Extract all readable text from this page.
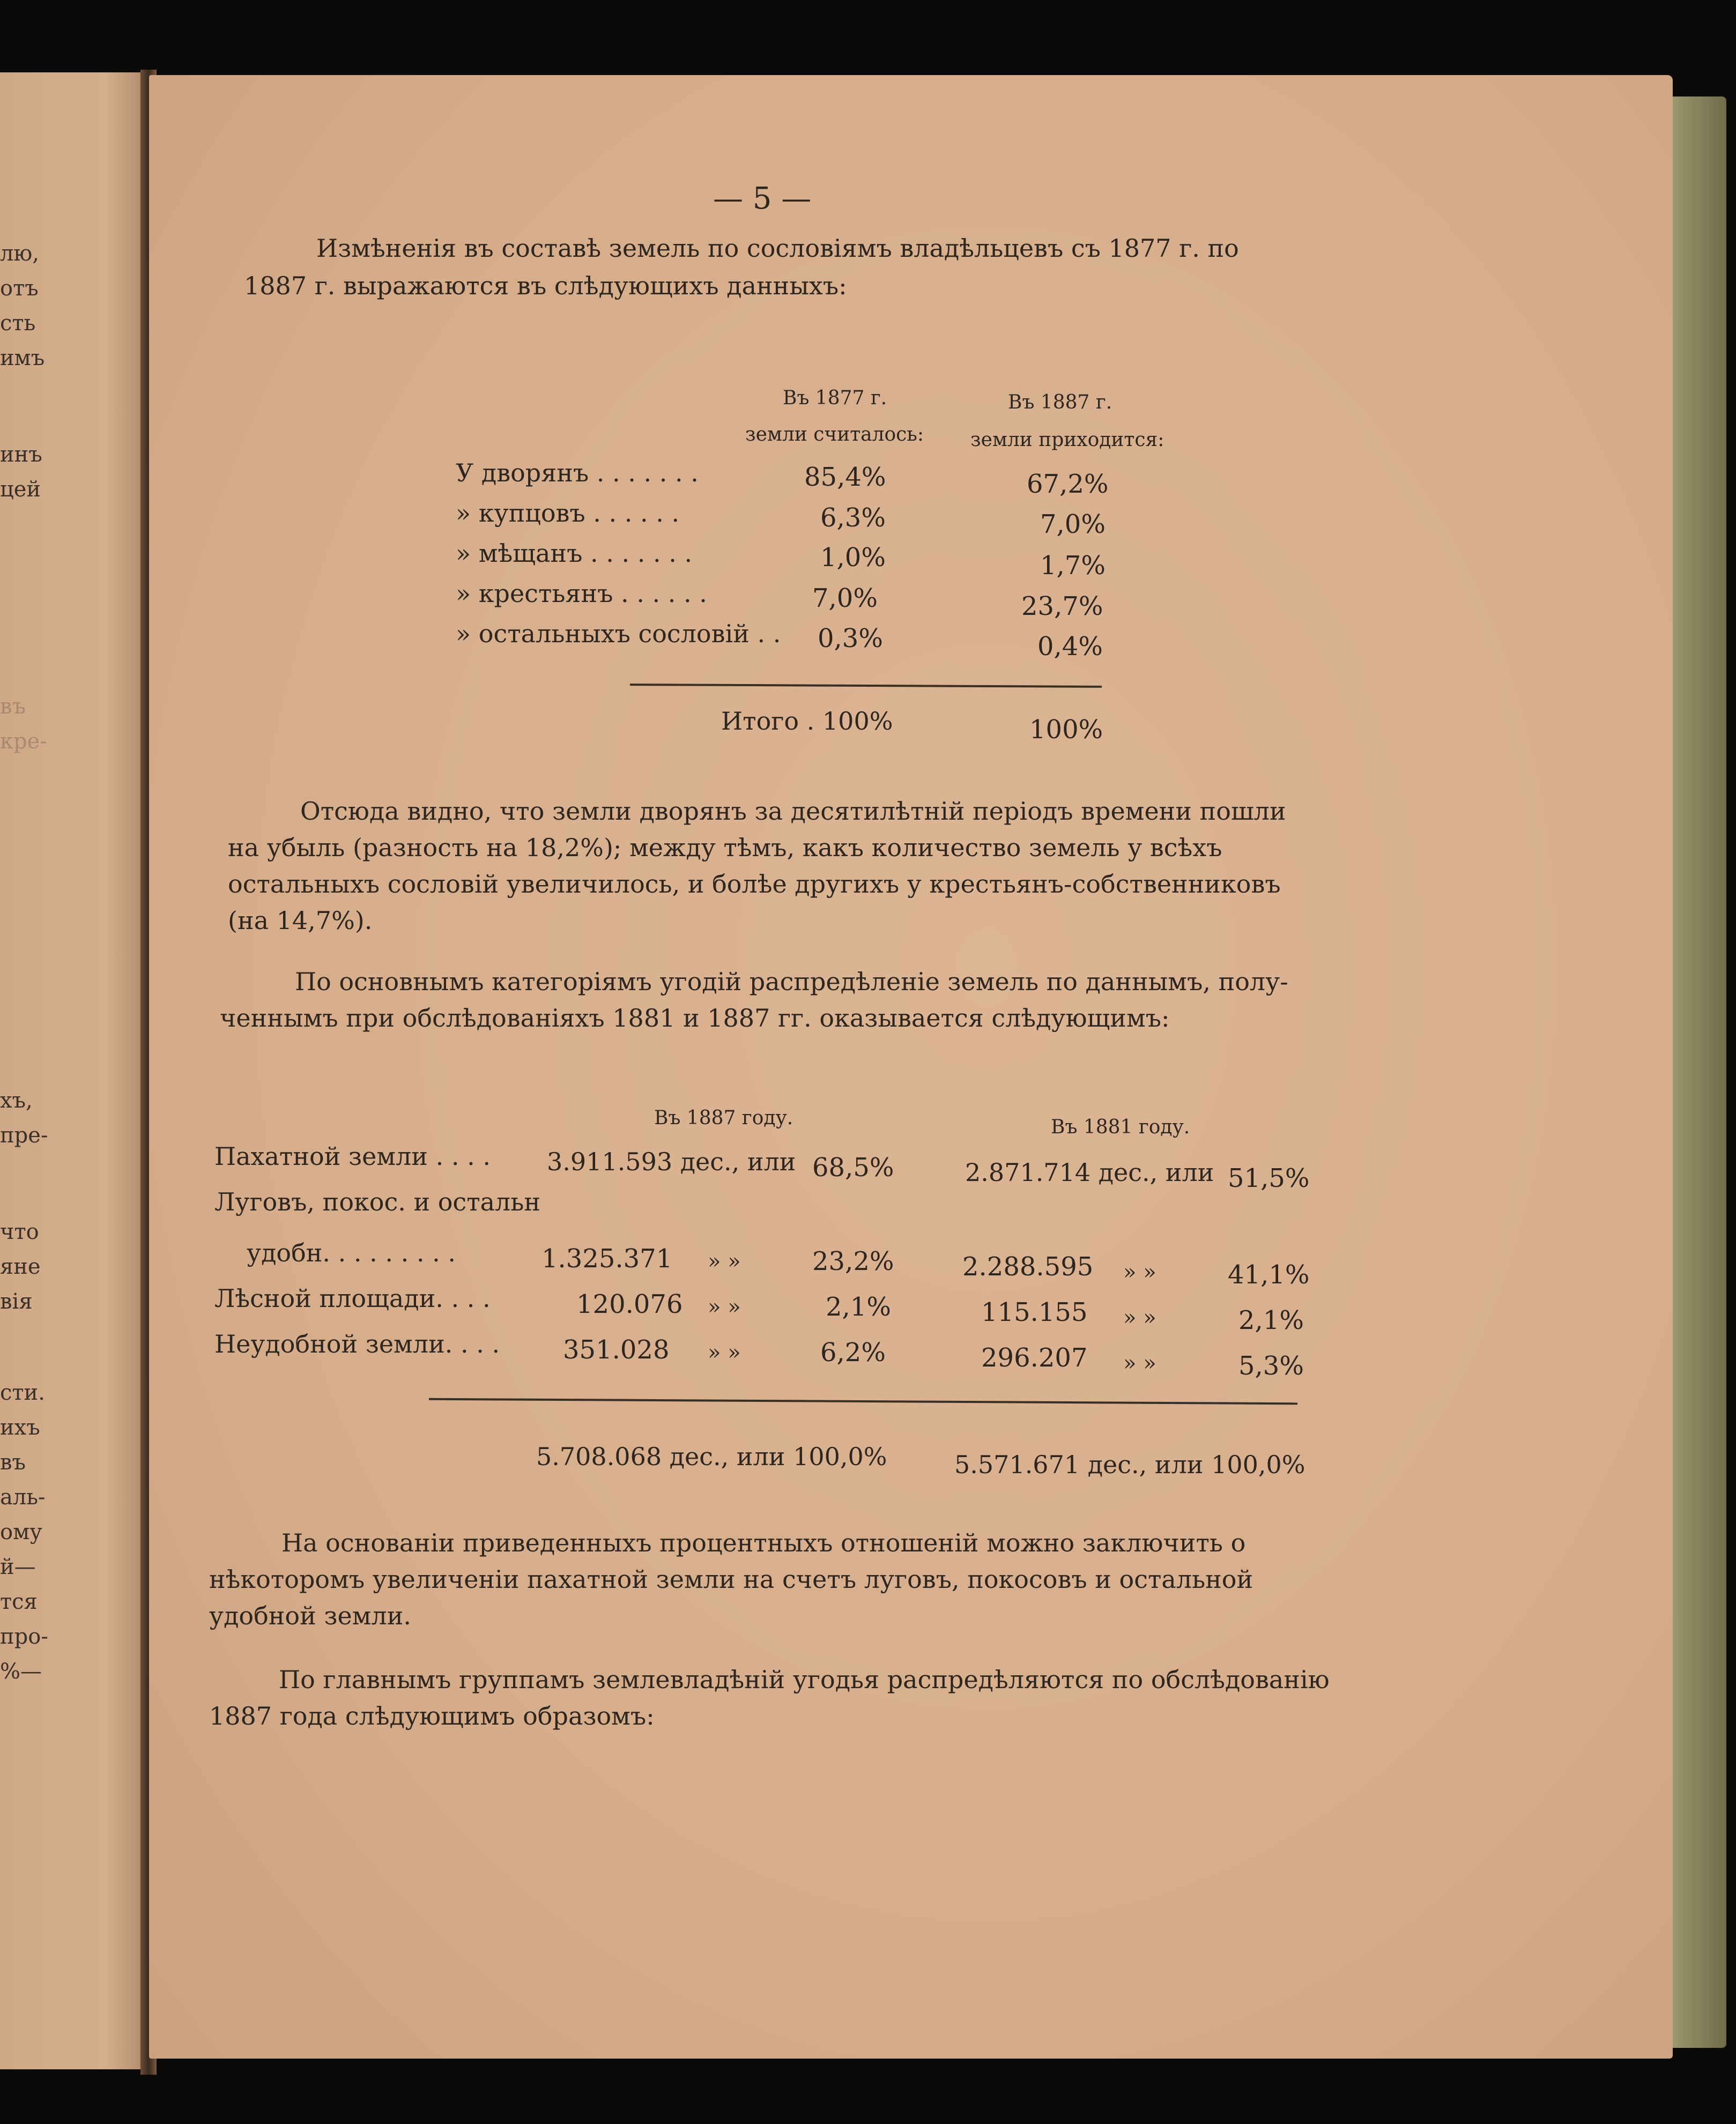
лю,
отъ
сть
имъ
инъ
цей
въ
кре-
хъ,
пре-
что
яне
вія
сти.
ихъ
въ
аль-
ому
й—
тся
про-
%—
— 5 —
Измѣненія въ составѣ земель по сословіямъ владѣльцевъ съ 1877 г. по
1887 г. выражаются въ слѣдующихъ данныхъ:
Въ 1877 г.
земли считалось:
Въ 1887 г.
земли приходится:
У дворянъ . . . . . . .	85,4%	67,2%
» купцовъ . . . . . .	6,3%	7,0%
» мѣщанъ . . . . . . .	1,0%	1,7%
» крестьянъ . . . . . .	7,0%	23,7%
» остальныхъ сословій . . 0,3%	0,4%
Итого . 100%	100%
Отсюда видно, что земли дворянъ за десятилѣтній періодъ времени пошли
на убыль (разность на 18,2%); между тѣмъ, какъ количество земель у всѣхъ
остальныхъ сословій увеличилось, и болѣе другихъ у крестьянъ-собственниковъ
(на 14,7%).
По основнымъ категоріямъ угодій распредѣленіе земель по даннымъ, полу-
ченнымъ при обслѣдованіяхъ 1881 и 1887 гг. оказывается слѣдующимъ:
Въ 1887 году.	Въ 1881 году.
Пахатной земли . . . . 3.911.593 дес., или 68,5%	2.871.714 дес., или 51,5%
Луговъ, покос. и остальн
удобн. . . . . . . . .	1.325.371 » »	23,2%	2.288.595 » »	41,1%
Лѣсной площади. . . .	120.076 » »	2,1%	115.155 » »	2,1%
Неудобной земли. . . . 351.028 » »	6,2%	296.207 » »	5,3%
5.708.068 дес., или 100,0%	5.571.671 дес., или 100,0%
На основаніи приведенныхъ процентныхъ отношеній можно заключить о
нѣкоторомъ увеличеніи пахатной земли на счетъ луговъ, покосовъ и остальной
удобной земли.
По главнымъ группамъ землевладѣній угодья распредѣляются по обслѣдованію
1887 года слѣдующимъ образомъ:
